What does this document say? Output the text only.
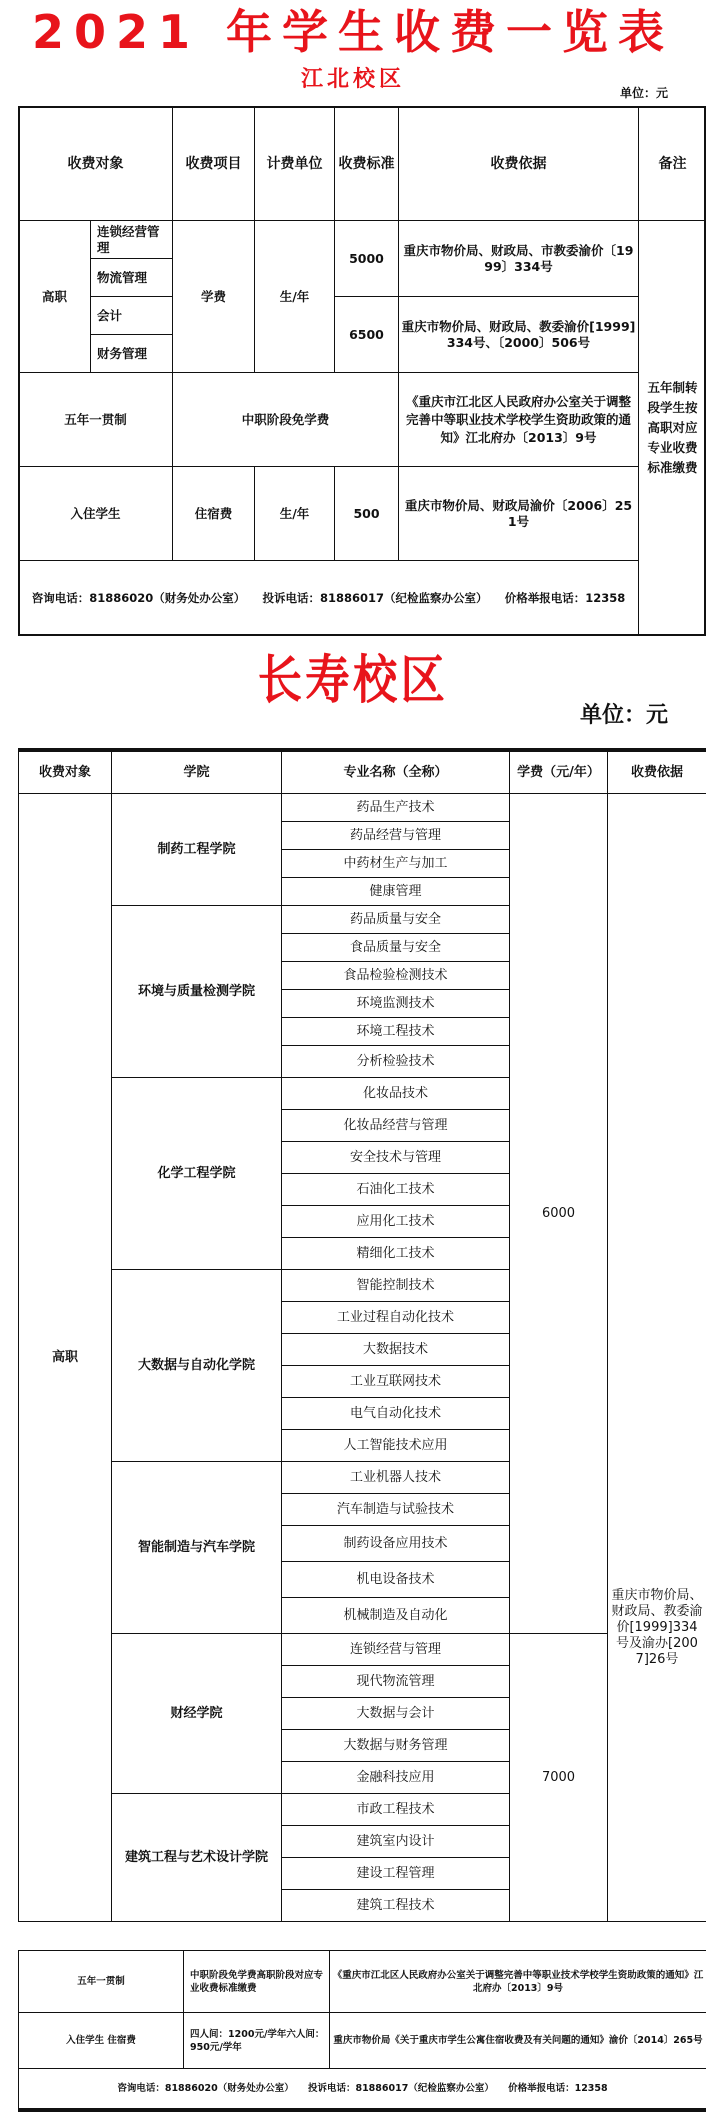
2021 年学生收费一览表
江北校区
单位：元
收费对象		收费项目	计费单位	收费标准	收费依据	备注
高职	连锁经营管理	学费	生/年	5000	重庆市物价局、财政局、市教委渝价〔1999〕334号	五年制转段学生按高职对应专业收费标准缴费
	物流管理					
	会计			6500	重庆市物价局、财政局、教委渝价[1999]334号、〔2000〕506号	
	财务管理					
五年一贯制		中职阶段免学费			《重庆市江北区人民政府办公室关于调整完善中等职业技术学校学生资助政策的通知》江北府办〔2013〕9号	
入住学生		住宿费	生/年	500	重庆市物价局、财政局渝价〔2006〕251号	
咨询电话：81886020（财务处办公室）　　投诉电话：81886017（纪检监察办公室）　　价格举报电话：12358						
长寿校区
单位：元
收费对象	学院	专业名称（全称）	学费（元/年）	收费依据
高职	制药工程学院	药品生产技术	6000	重庆市物价局、财政局、教委渝价[1999]334号及渝办[2007]26号
		药品经营与管理		
		中药材生产与加工		
		健康管理		
	环境与质量检测学院	药品质量与安全		
		食品质量与安全		
		食品检验检测技术		
		环境监测技术		
		环境工程技术		
		分析检验技术		
	化学工程学院	化妆品技术		
		化妆品经营与管理		
		安全技术与管理		
		石油化工技术		
		应用化工技术		
		精细化工技术		
	大数据与自动化学院	智能控制技术		
		工业过程自动化技术		
		大数据技术		
		工业互联网技术		
		电气自动化技术		
		人工智能技术应用		
	智能制造与汽车学院	工业机器人技术		
		汽车制造与试验技术		
		制药设备应用技术		
		机电设备技术		
		机械制造及自动化		
	财经学院	连锁经营与管理	7000	
		现代物流管理		
		大数据与会计		
		大数据与财务管理		
		金融科技应用		
	建筑工程与艺术设计学院	市政工程技术		
		建筑室内设计		
		建设工程管理		
		建筑工程技术		
五年一贯制	中职阶段免学费高职阶段对应专业收费标准缴费	《重庆市江北区人民政府办公室关于调整完善中等职业技术学校学生资助政策的通知》江北府办〔2013〕9号
入住学生 住宿费	四人间：1200元/学年六人间：950元/学年	重庆市物价局《关于重庆市学生公寓住宿收费及有关问题的通知》渝价〔2014〕265号
咨询电话：81886020（财务处办公室）　　投诉电话：81886017（纪检监察办公室）　　价格举报电话：12358		
